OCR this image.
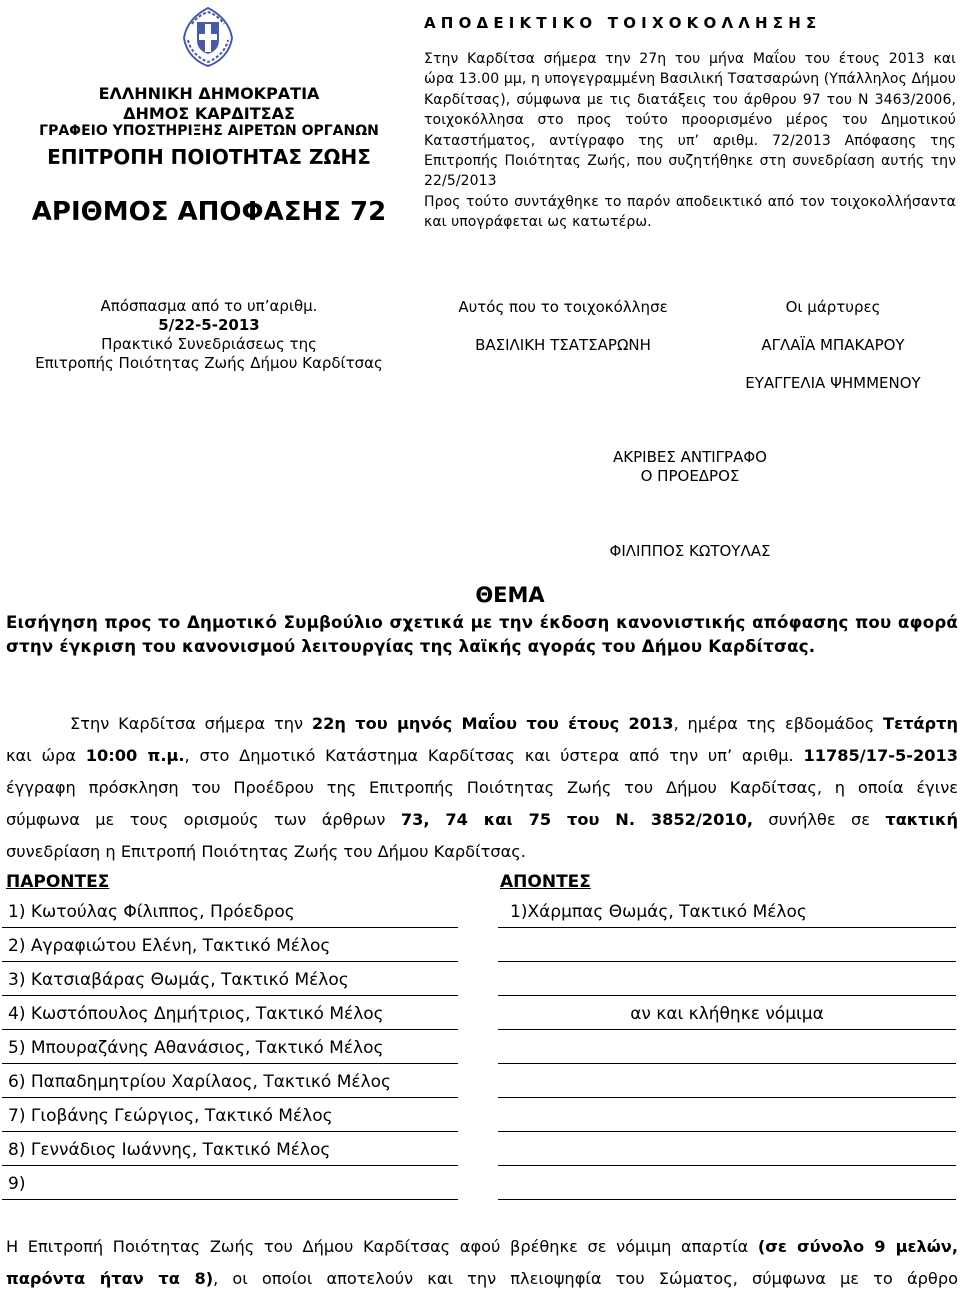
ΕΛΛΗΝΙΚΗ ΔΗΜΟΚΡΑΤΙΑ
ΔΗΜΟΣ ΚΑΡΔΙΤΣΑΣ
ΓΡΑΦΕΙΟ ΥΠΟΣΤΗΡΙΞΗΣ ΑΙΡΕΤΩΝ ΟΡΓΑΝΩΝ
ΕΠΙΤΡΟΠΗ ΠΟΙΟΤΗΤΑΣ ΖΩΗΣ
ΑΡΙΘΜΟΣ ΑΠΟΦΑΣΗΣ 72
ΑΠΟΔΕΙΚΤΙΚΟ ΤΟΙΧΟΚΟΛΛΗΣΗΣ

Στην Καρδίτσα σήμερα την 27η του μήνα Μαΐου του έτους 2013 και

ώρα 13.00 μμ, η υπογεγραμμένη Βασιλική Τσατσαρώνη (Υπάλληλος Δήμου Καρδίτσας), σύμφωνα με τις διατάξεις του άρθρου 97 του Ν 3463/2006, τοιχοκόλλησα στο προς τούτο προορισμένο μέρος του Δημοτικού Καταστήματος, αντίγραφο της υπ’ αριθμ. 72/2013 Απόφασης της Επιτροπής Ποιότητας Ζωής, που συζητήθηκε στη συνεδρίαση αυτής την 22/5/2013

Προς τούτο συντάχθηκε το παρόν αποδεικτικό από τον τοιχοκολλήσαντα και υπογράφεται ως κατωτέρω.

Απόσπασμα από το υπ’αριθμ.
5/22-5-2013
Πρακτικό Συνεδριάσεως της
Επιτροπής Ποιότητας Ζωής Δήμου Καρδίτσας
Αυτός που το τοιχοκόλλησε
ΒΑΣΙΛΙΚΗ ΤΣΑΤΣΑΡΩΝΗ
Οι μάρτυρες
ΑΓΛΑΪΑ ΜΠΑΚΑΡΟΥ
ΕΥΑΓΓΕΛΙΑ ΨΗΜΜΕΝΟΥ
ΑΚΡΙΒΕΣ ΑΝΤΙΓΡΑΦΟ
Ο ΠΡΟΕΔΡΟΣ
ΦΙΛΙΠΠΟΣ ΚΩΤΟΥΛΑΣ
ΘΕΜΑ
Εισήγηση προς το Δημοτικό Συμβούλιο σχετικά με την έκδοση κανονιστικής απόφασης που αφορά στην έγκριση του κανονισμού λειτουργίας της λαϊκής αγοράς του Δήμου Καρδίτσας.
Στην Καρδίτσα σήμερα την 22η του μηνός Μαΐου του έτους 2013, ημέρα της εβδομάδος Τετάρτη
και ώρα 10:00 π.μ., στο Δημοτικό Κατάστημα Καρδίτσας και ύστερα από την υπ’ αριθμ. 11785/17-5-2013
έγγραφη πρόσκληση του Προέδρου της Επιτροπής Ποιότητας Ζωής του Δήμου Καρδίτσας, η οποία έγινε
σύμφωνα με τους ορισμούς των άρθρων 73, 74 και 75 του Ν. 3852/2010, συνήλθε σε τακτική
συνεδρίαση η Επιτροπή Ποιότητας Ζωής του Δήμου Καρδίτσας.
ΠΑΡΟΝΤΕΣ	ΑΠΟΝΤΕΣ
1) Κωτούλας Φίλιππος, Πρόεδρος
2) Αγραφιώτου Ελένη, Τακτικό Μέλος
3) Κατσιαβάρας Θωμάς, Τακτικό Μέλος
4) Κωστόπουλος Δημήτριος, Τακτικό Μέλος
5) Μπουραζάνης Αθανάσιος, Τακτικό Μέλος
6) Παπαδημητρίου Χαρίλαος, Τακτικό Μέλος
7) Γιοβάνης Γεώργιος, Τακτικό Μέλος
8) Γεννάδιος Ιωάννης, Τακτικό Μέλος
9)
1)Χάρμπας Θωμάς, Τακτικό Μέλος
αν και κλήθηκε νόμιμα
Η Επιτροπή Ποιότητας Ζωής του Δήμου Καρδίτσας αφού βρέθηκε σε νόμιμη απαρτία (σε σύνολο 9 μελών,
παρόντα ήταν τα 8), οι οποίοι αποτελούν και την πλειοψηφία του Σώματος, σύμφωνα με το άρθρο
